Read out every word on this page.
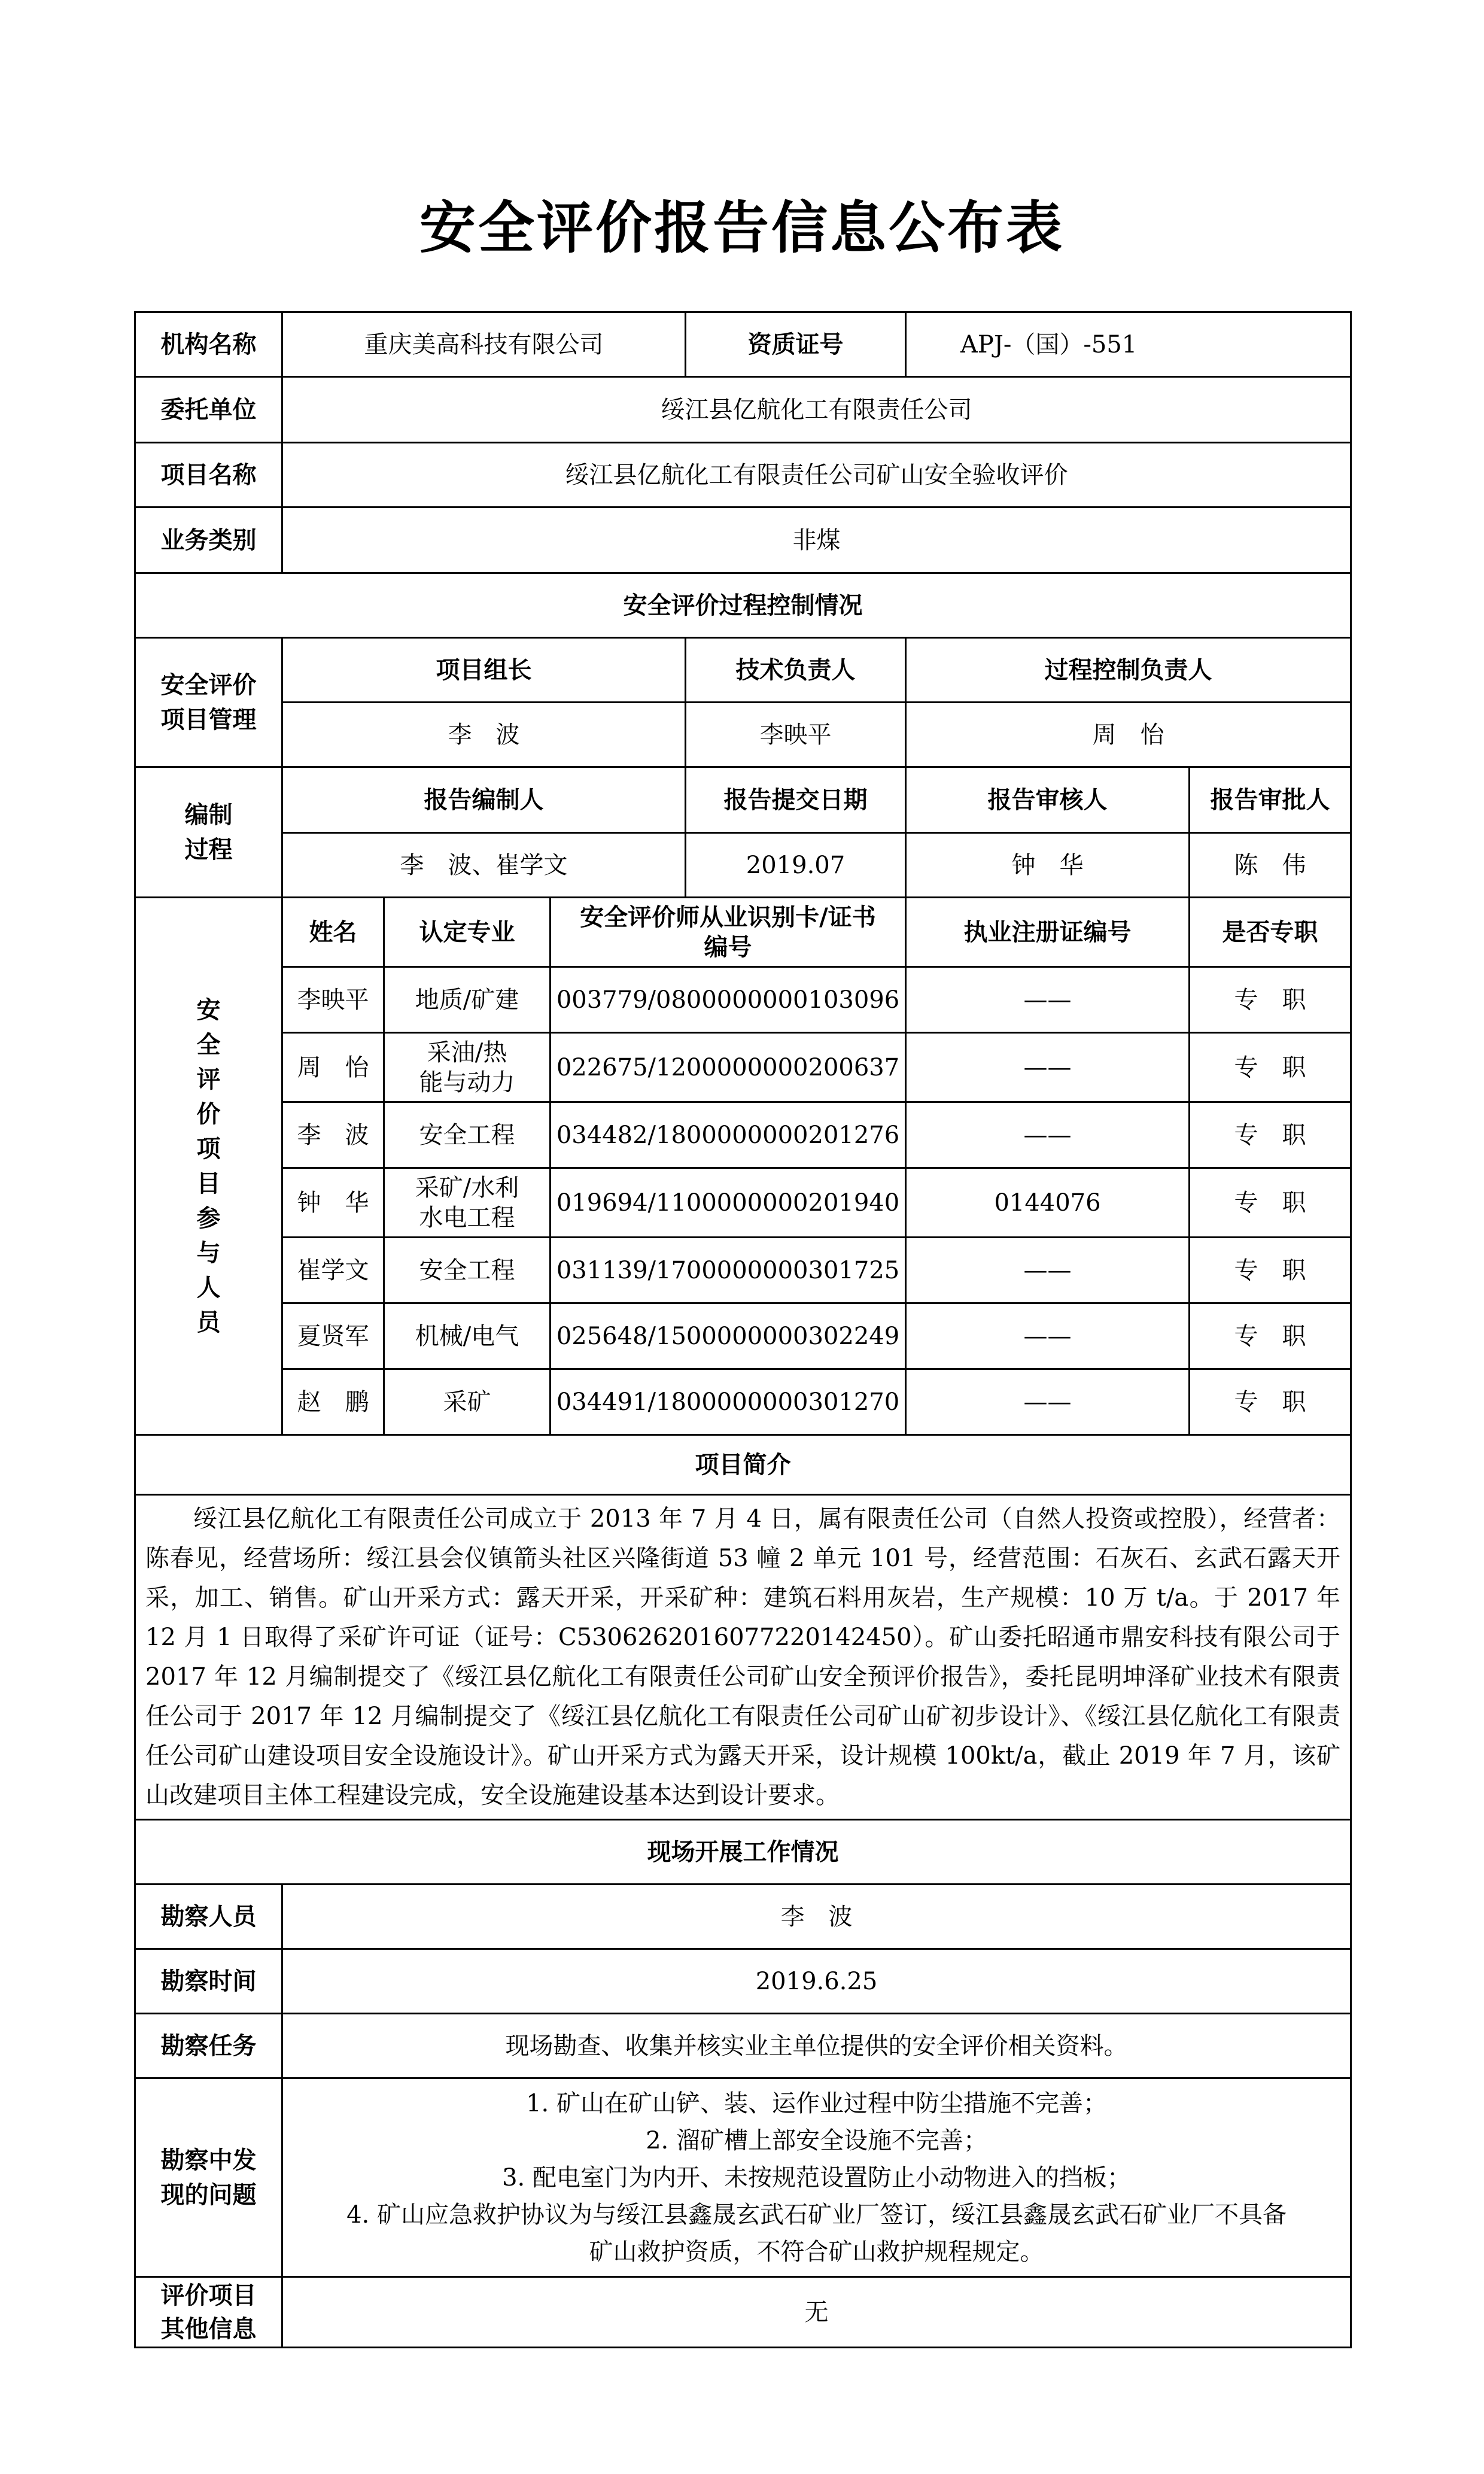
安全评价报告信息公布表
机构名称	重庆美高科技有限公司			资质证号	APJ-（国）-551	
委托单位	绥江县亿航化工有限责任公司					
项目名称	绥江县亿航化工有限责任公司矿山安全验收评价					
业务类别	非煤					
安全评价过程控制情况						

安全评价项目管理	项目组长			技术负责人	过程控制负责人	
	李　波			李映平	周　怡	

编制过程	报告编制人			报告提交日期	报告审核人	报告审批人
	李　波、崔学文			2019.07	钟　华	陈　伟

安全评价项目参与人员	姓名	认定专业	安全评价师从业识别卡/证书编号		执业注册证编号	是否专职
	李映平	地质/矿建	003779/0800000000103096		——	专　职
	周　怡	采油/热能与动力	022675/1200000000200637		——	专　职
	李　波	安全工程	034482/1800000000201276		——	专　职
	钟　华	采矿/水利水电工程	019694/1100000000201940		0144076	专　职
	崔学文	安全工程	031139/1700000000301725		——	专　职
	夏贤军	机械/电气	025648/1500000000302249		——	专　职
	赵　鹏	采矿	034491/1800000000301270		——	专　职
项目简介						
绥江县亿航化工有限责任公司成立于 2013 年 7 月 4 日，属有限责任公司（自然人投资或控股），经营者：陈春见，经营场所：绥江县会仪镇箭头社区兴隆街道 53 幢 2 单元 101 号，经营范围：石灰石、玄武石露天开采，加工、销售。矿山开采方式：露天开采，开采矿种：建筑石料用灰岩，生产规模：10 万 t/a。于 2017 年 12 月 1 日取得了采矿许可证（证号：C5306262016077220142450）。矿山委托昭通市鼎安科技有限公司于 2017 年 12 月编制提交了《绥江县亿航化工有限责任公司矿山安全预评价报告》，委托昆明坤泽矿业技术有限责任公司于 2017 年 12 月编制提交了《绥江县亿航化工有限责任公司矿山矿初步设计》、《绥江县亿航化工有限责任公司矿山建设项目安全设施设计》。矿山开采方式为露天开采，设计规模 100kt/a，截止 2019 年 7 月，该矿山改建项目主体工程建设完成，安全设施建设基本达到设计要求。						
现场开展工作情况						
勘察人员	李　波					
勘察时间	2019.6.25					
勘察任务	现场勘查、收集并核实业主单位提供的安全评价相关资料。					

勘察中发现的问题	1. 矿山在矿山铲、装、运作业过程中防尘措施不完善；
2. 溜矿槽上部安全设施不完善；
3. 配电室门为内开、未按规范设置防止小动物进入的挡板；
4. 矿山应急救护协议为与绥江县鑫晟玄武石矿业厂签订，绥江县鑫晟玄武石矿业厂不具备
矿山救护资质，不符合矿山救护规程规定。					

评价项目其他信息	无					
